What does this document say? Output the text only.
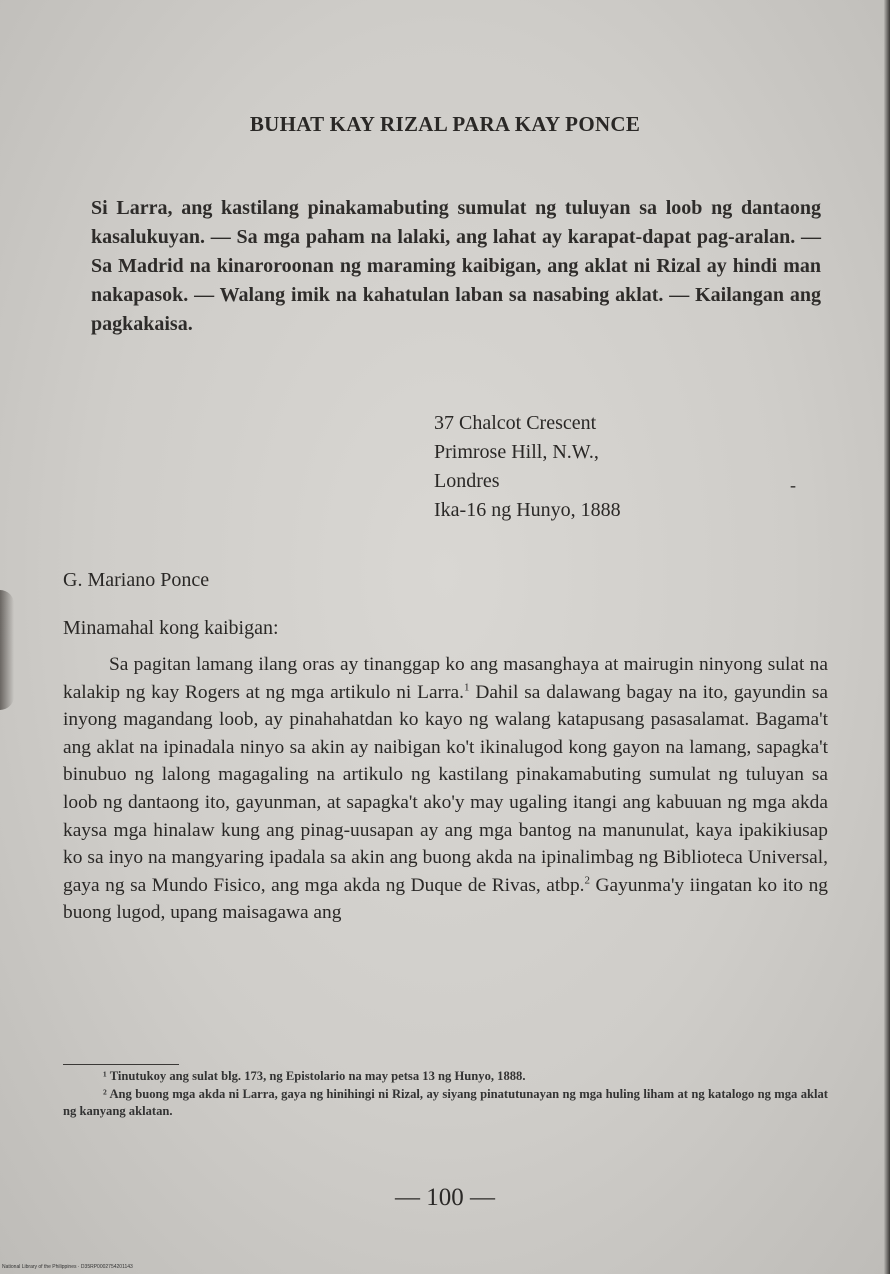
BUHAT KAY RIZAL PARA KAY PONCE
Si Larra, ang kastilang pinakamabuting sumulat ng tuluyan sa loob ng dantaong kasalukuyan. — Sa mga paham na lalaki, ang lahat ay karapat-dapat pag-aralan. — Sa Madrid na kinaroroonan ng maraming kaibigan, ang aklat ni Rizal ay hindi man nakapasok. — Walang imik na kahatulan laban sa nasabing aklat. — Kailangan ang pagkakaisa.
37 Chalcot Crescent
Primrose Hill, N.W.,
Londres
Ika-16 ng Hunyo, 1888
-
G. Mariano Ponce
Minamahal kong kaibigan:
Sa pagitan lamang ilang oras ay tinanggap ko ang masanghaya at mairugin ninyong sulat na kalakip ng kay Rogers at ng mga artikulo ni Larra.$^1$ Dahil sa dalawang bagay na ito, gayundin sa inyong magandang loob, ay pinahahatdan ko kayo ng walang katapusang pasasalamat. Bagama't ang aklat na ipinadala ninyo sa akin ay naibigan ko't ikinalugod kong gayon na lamang, sapagka't binubuo ng lalong magagaling na artikulo ng kastilang pinakamabuting sumulat ng tuluyan sa loob ng dantaong ito, gayunman, at sapagka't ako'y may ugaling itangi ang kabuuan ng mga akda kaysa mga hinalaw kung ang pinag-uusapan ay ang mga bantog na manunulat, kaya ipakikiusap ko sa inyo na mangyaring ipadala sa akin ang buong akda na ipinalimbag ng Biblioteca Universal, gaya ng sa Mundo Fisico, ang mga akda ng Duque de Rivas, atbp.$^2$ Gayunma'y iingatan ko ito ng buong lugod, upang maisagawa ang

¹ Tinutukoy ang sulat blg. 173, ng Epistolario na may petsa 13 ng Hunyo, 1888.

² Ang buong mga akda ni Larra, gaya ng hinihingi ni Rizal, ay siyang pinatutunayan ng mga huling liham at ng katalogo ng mga aklat ng kanyang aklatan.

— 100 —
National Library of the Philippines · D35RP0002754201143
